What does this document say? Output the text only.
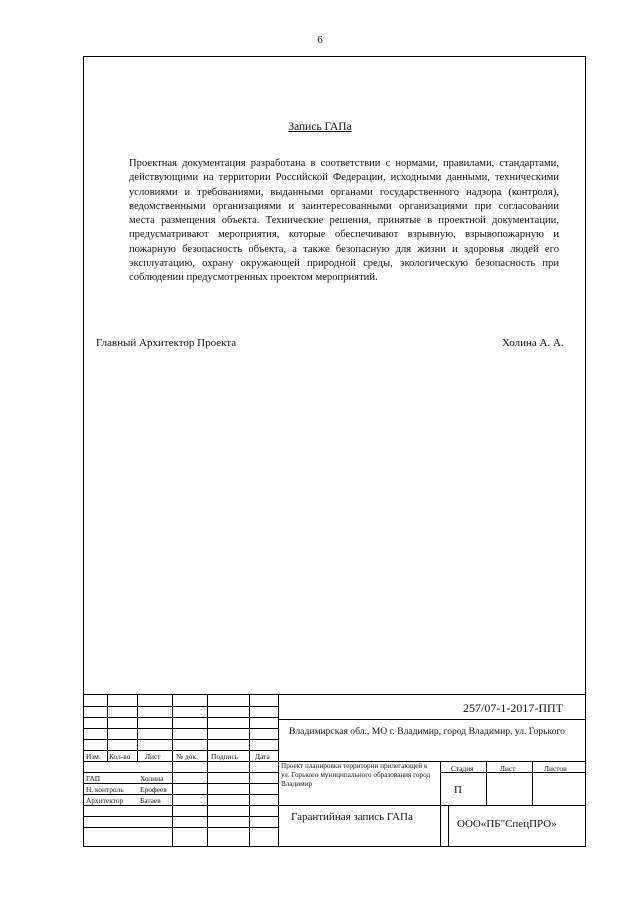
6
Запись ГАПа

Проектная документация разработана в соответствии с нормами, правилами, стандартами, действующими на территории Российской Федерации, исходными данными, техническими условиями и требованиями, выданными органами государственного надзора (контроля), ведомственными организациями и заинтересованными организациями при согласовании места размещения объекта. Технические решения, принятые в проектной документации, предусматривают мероприятия, которые обеспечивают взрывную, взрывопожарную и пожарную безопасность объекта, а также безопасную для жизни и здоровья людей его эксплуатацию, охрану окружающей природной среды, экологическую безопасность при соблюдении предусмотренных проектом мероприятий.

Главный Архитектор Проекта	Холина А. А.
Изм. Кол-во Лист № док. Подпись Дата
ГАП	Холина
Н. контроль Ерофеев
Архитектор Батаев
257/07-1-2017-ППТ
Владимирская обл., МО г. Владимир, город Владимир, ул. Горького
Проект планировки территории прилегающей к ул. Горького муниципального образования город Владимир
Стадия	Лист	Листов
П
Гарантийная запись ГАПа
ООО«ПБ"СпецПРО»
